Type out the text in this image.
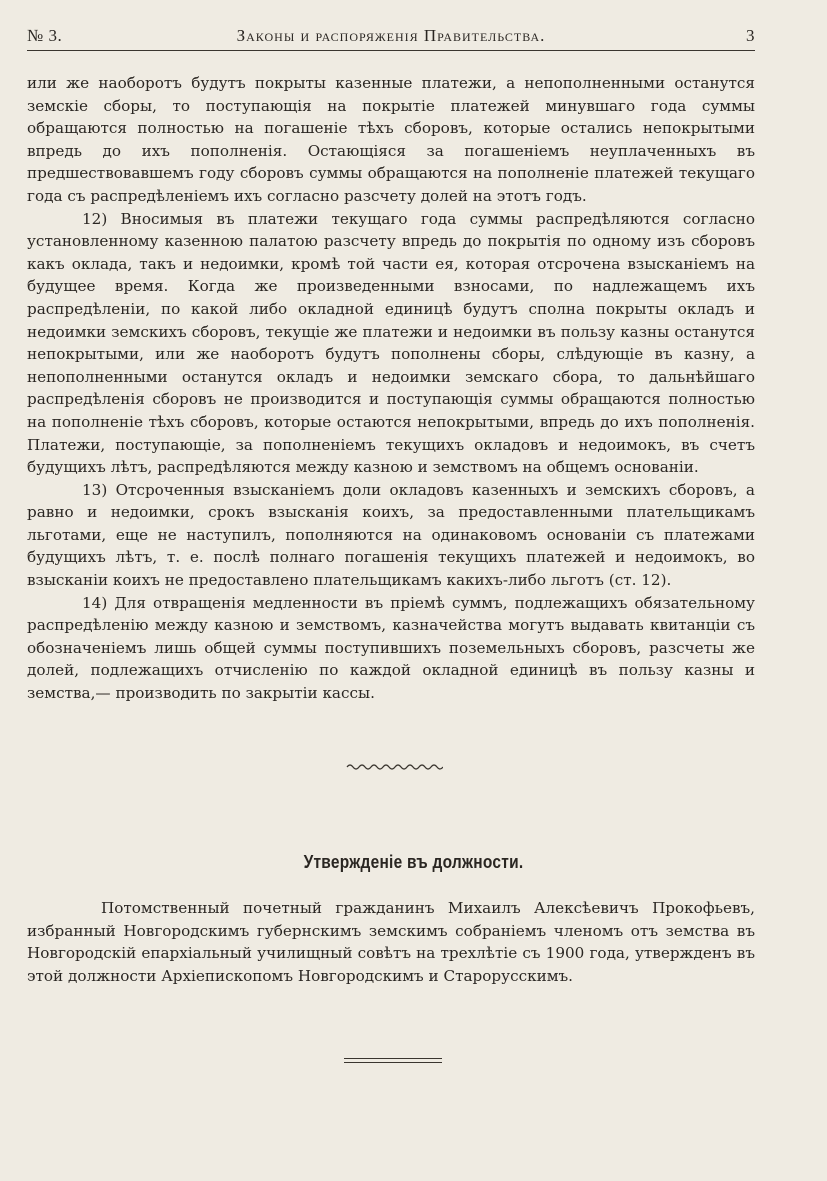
№ 3.	Законы и распоряженія Правительства.	3

или же наоборотъ будутъ покрыты казенные платежи, а непополненными останутся земскіе сборы, то поступающія на покрытіе платежей минувшаго года суммы обращаются полностью на погашеніе тѣхъ сборовъ, которые остались непокрытыми впредь до ихъ пополненія. Остающіяся за погашеніемъ неуплаченныхъ въ предшествовавшемъ году сборовъ суммы обращаются на пополненіе платежей текущаго года съ распредѣленіемъ ихъ согласно разсчету долей на этотъ годъ.

12) Вносимыя въ платежи текущаго года суммы распредѣляются согласно установленному казенною палатою разсчету впредь до покрытія по одному изъ сборовъ какъ оклада, такъ и недоимки, кромѣ той части ея, которая отсрочена взысканіемъ на будущее время. Когда же произведенными взносами, по надлежащемъ ихъ распредѣленіи, по какой либо окладной единицѣ будутъ сполна покрыты окладъ и недоимки земскихъ сборовъ, текущіе же платежи и недоимки въ пользу казны останутся непокрытыми, или же наоборотъ будутъ пополнены сборы, слѣдующіе въ казну, а непополненными останутся окладъ и недоимки земскаго сбора, то дальнѣйшаго распредѣленія сборовъ не производится и поступающія суммы обращаются полностью на пополненіе тѣхъ сборовъ, которые остаются непокрытыми, впредь до ихъ пополненія. Платежи, поступающіе, за пополненіемъ текущихъ окладовъ и недоимокъ, въ счетъ будущихъ лѣтъ, распредѣляются между казною и земствомъ на общемъ основаніи.

13) Отсроченныя взысканіемъ доли окладовъ казенныхъ и земскихъ сборовъ, а равно и недоимки, срокъ взысканія коихъ, за предоставленными плательщикамъ льготами, еще не наступилъ, пополняются на одинаковомъ основаніи съ платежами будущихъ лѣтъ, т. е. послѣ полнаго погашенія текущихъ платежей и недоимокъ, во взысканіи коихъ не предоставлено плательщикамъ какихъ-либо льготъ (ст. 12).

14) Для отвращенія медленности въ пріемѣ суммъ, подлежащихъ обязательному распредѣленію между казною и земствомъ, казначейства могутъ выдавать квитанціи съ обозначеніемъ лишь общей суммы поступившихъ поземельныхъ сборовъ, разсчеты же долей, подлежащихъ отчисленію по каждой окладной единицѣ въ пользу казны и земства,— производить по закрытіи кассы.

Утвержденіе въ должности.

Потомственный почетный гражданинъ Михаилъ Алексѣевичъ Прокофьевъ, избранный Новгородскимъ губернскимъ земскимъ собраніемъ членомъ отъ земства въ Новгородскій епархіальный училищный совѣтъ на трехлѣтіе съ 1900 года, утвержденъ въ этой должности Архіепископомъ Новгородскимъ и Старорусскимъ.
